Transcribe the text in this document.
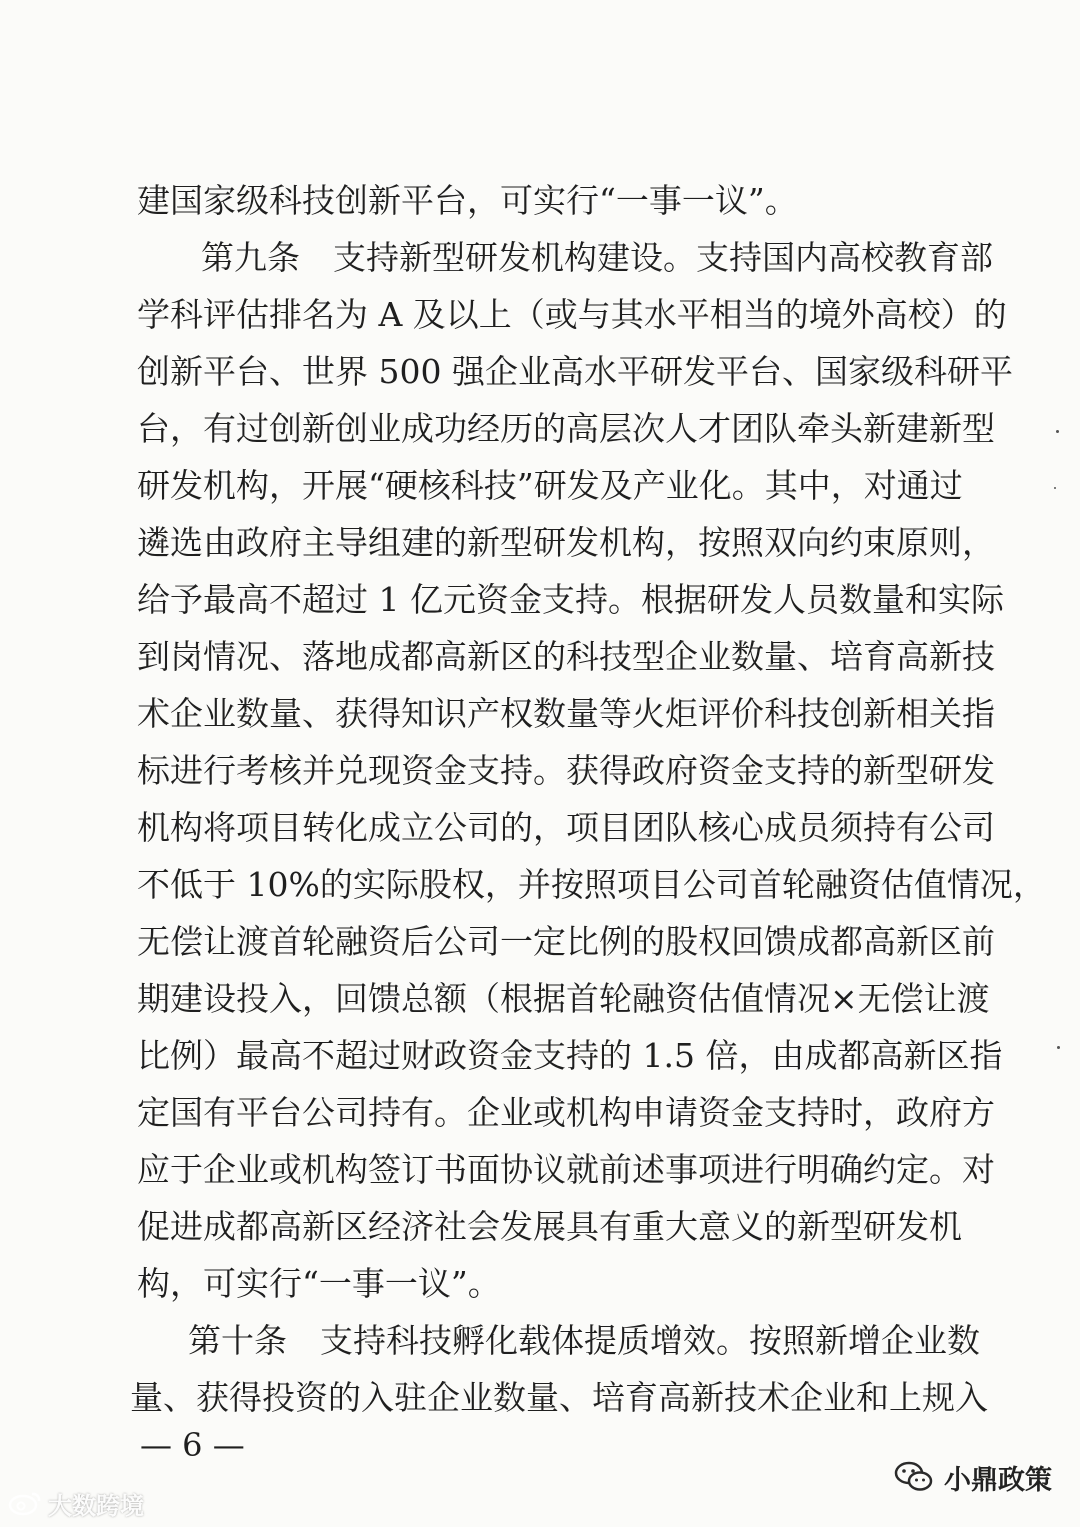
建国家级科技创新平台，可实行“一事一议”。
第九条　支持新型研发机构建设。支持国内高校教育部
学科评估排名为 A 及以上（或与其水平相当的境外高校）的
创新平台、世界 500 强企业高水平研发平台、国家级科研平
台，有过创新创业成功经历的高层次人才团队牵头新建新型
研发机构，开展“硬核科技”研发及产业化。其中，对通过
遴选由政府主导组建的新型研发机构，按照双向约束原则，
给予最高不超过 1 亿元资金支持。根据研发人员数量和实际
到岗情况、落地成都高新区的科技型企业数量、培育高新技
术企业数量、获得知识产权数量等火炬评价科技创新相关指
标进行考核并兑现资金支持。获得政府资金支持的新型研发
机构将项目转化成立公司的，项目团队核心成员须持有公司
不低于 10%的实际股权，并按照项目公司首轮融资估值情况，
无偿让渡首轮融资后公司一定比例的股权回馈成都高新区前
期建设投入，回馈总额（根据首轮融资估值情况×无偿让渡
比例）最高不超过财政资金支持的 1.5 倍，由成都高新区指
定国有平台公司持有。企业或机构申请资金支持时，政府方
应于企业或机构签订书面协议就前述事项进行明确约定。对
促进成都高新区经济社会发展具有重大意义的新型研发机
构，可实行“一事一议”。
第十条　支持科技孵化载体提质增效。按照新增企业数
量、获得投资的入驻企业数量、培育高新技术企业和上规入
— 6 —
大数跨境
小鼎政策
